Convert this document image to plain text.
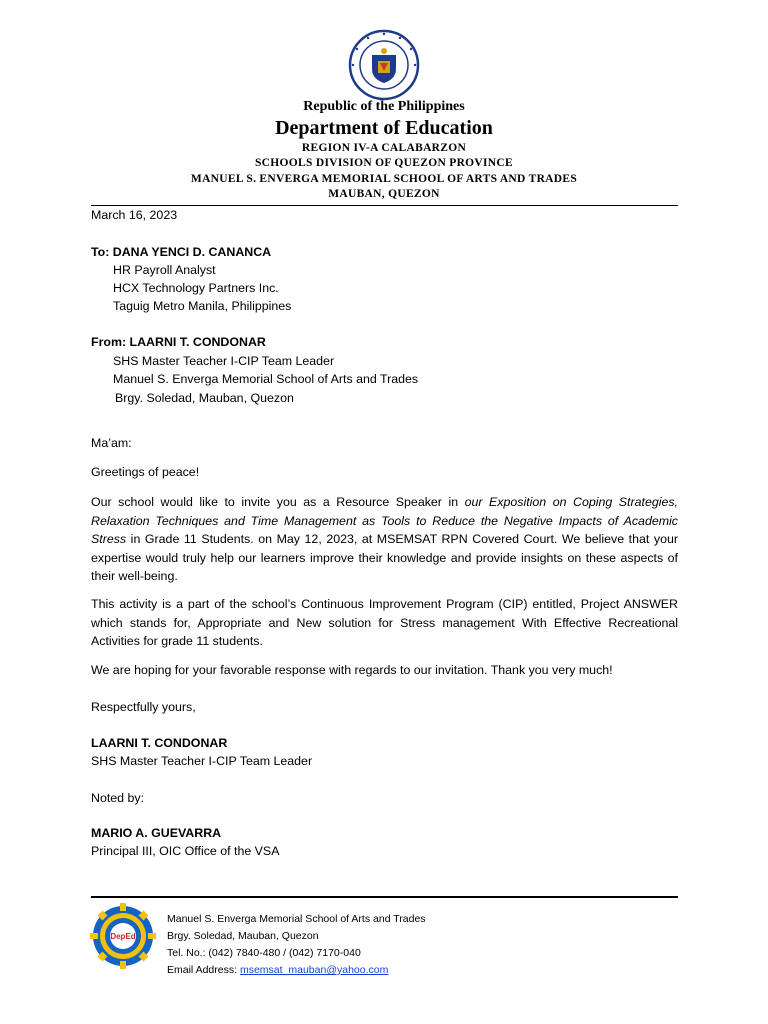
Republic of the Philippines
Department of Education
REGION IV-A CALABARZON
SCHOOLS DIVISION OF QUEZON PROVINCE
MANUEL S. ENVERGA MEMORIAL SCHOOL OF ARTS AND TRADES
MAUBAN, QUEZON
March 16, 2023
To: DANA YENCI D. CANANCA
HR Payroll Analyst
HCX Technology Partners Inc.
Taguig Metro Manila, Philippines
From: LAARNI T. CONDONAR
SHS Master Teacher I-CIP Team Leader
Manuel S. Enverga Memorial School of Arts and Trades
Brgy. Soledad, Mauban, Quezon
Ma’am:
Greetings of peace!
Our school would like to invite you as a Resource Speaker in our Exposition on Coping Strategies, Relaxation Techniques and Time Management as Tools to Reduce the Negative Impacts of Academic Stress in Grade 11 Students. on May 12, 2023, at MSEMSAT RPN Covered Court. We believe that your expertise would truly help our learners improve their knowledge and provide insights on these aspects of their well-being.
This activity is a part of the school’s Continuous Improvement Program (CIP) entitled, Project ANSWER which stands for, Appropriate and New solution for Stress management With Effective Recreational Activities for grade 11 students.
We are hoping for your favorable response with regards to our invitation. Thank you very much!
Respectfully yours,
LAARNI T. CONDONAR
SHS Master Teacher I-CIP Team Leader
Noted by:
MARIO A. GUEVARRA
Principal III, OIC Office of the VSA
DepEd
Manuel S. Enverga Memorial School of Arts and Trades
Brgy. Soledad, Mauban, Quezon
Tel. No.: (042) 7840-480 / (042) 7170-040
Email Address: msemsat_mauban@yahoo.com
